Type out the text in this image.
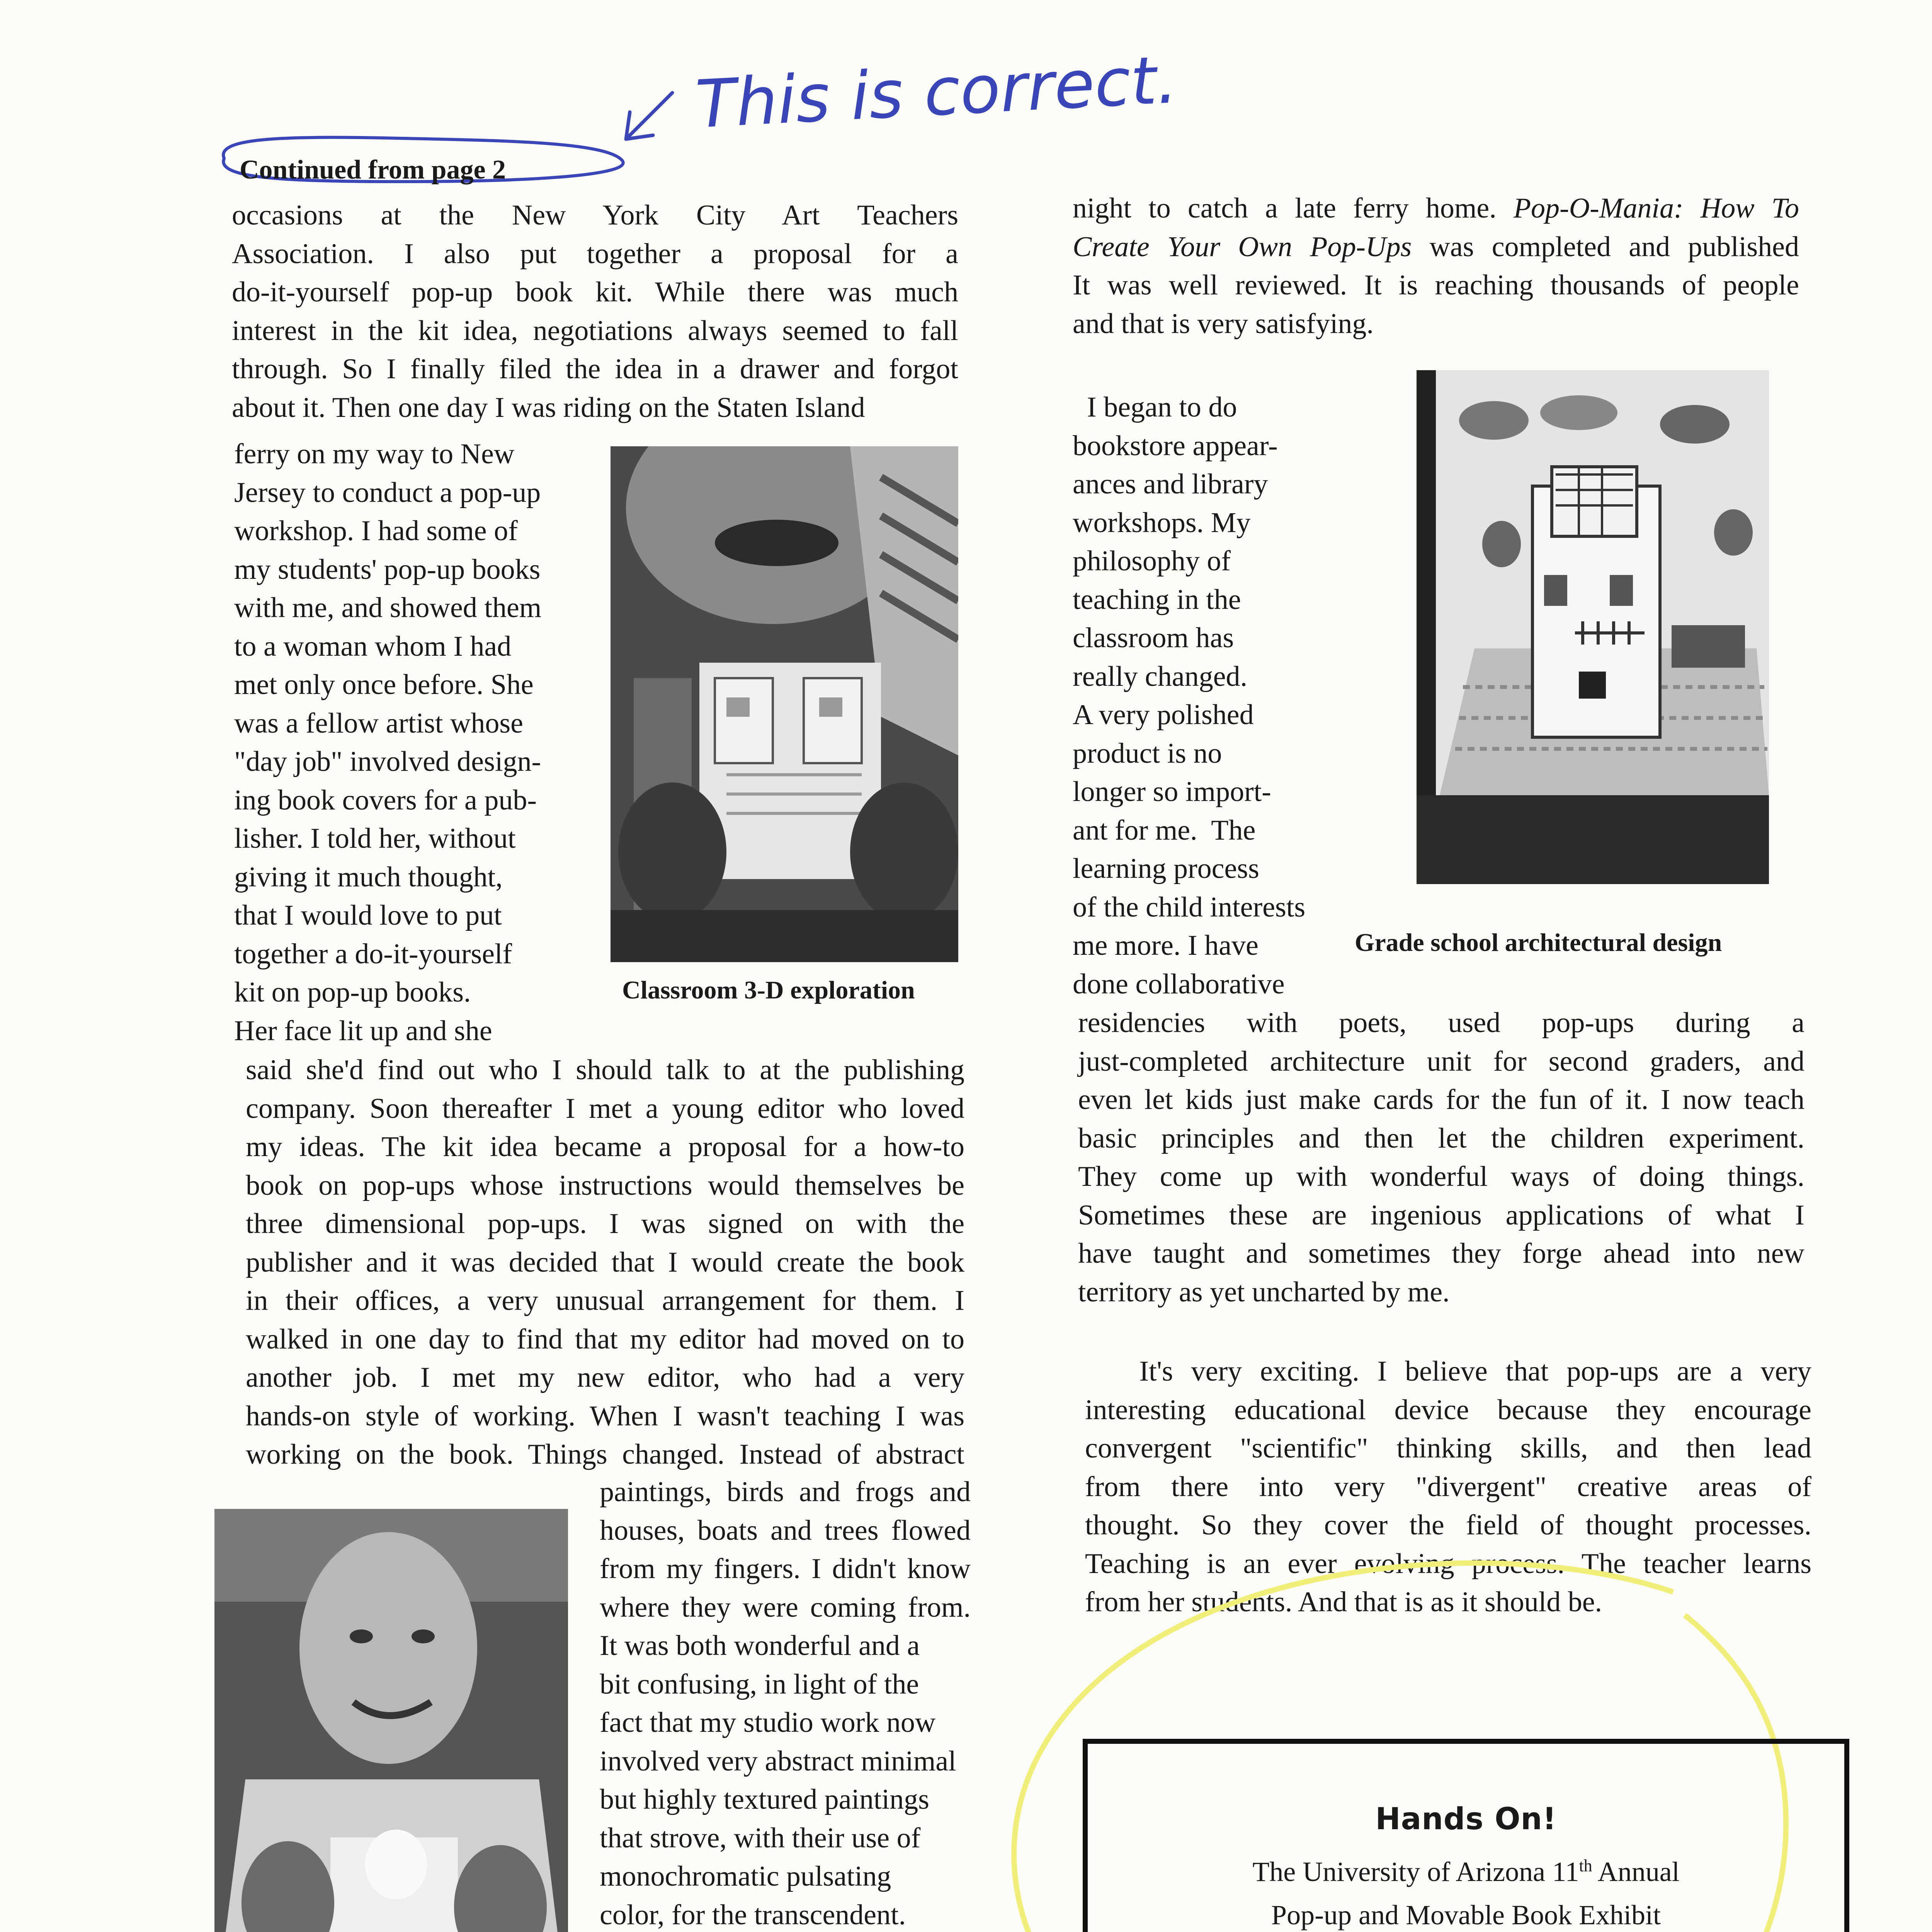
Continued from page 2
This is correct.
occasions at the New York City Art Teachers
Association. I also put together a proposal for a
do-it-yourself pop-up book kit. While there was much
interest in the kit idea, negotiations always seemed to fall
through. So I finally filed the idea in a drawer and forgot
about it. Then one day I was riding on the Staten Island
ferry on my way to New
Jersey to conduct a pop-up
workshop. I had some of
my students' pop-up books
with me, and showed them
to a woman whom I had
met only once before. She
was a fellow artist whose
"day job" involved design-
ing book covers for a pub-
lisher. I told her, without
giving it much thought,
that I would love to put
together a do-it-yourself
kit on pop-up books.
Her face lit up and she
Classroom 3-D exploration
said she'd find out who I should talk to at the publishing
company. Soon thereafter I met a young editor who loved
my ideas. The kit idea became a proposal for a how-to
book on pop-ups whose instructions would themselves be
three dimensional pop-ups. I was signed on with the
publisher and it was decided that I would create the book
in their offices, a very unusual arrangement for them. I
walked in one day to find that my editor had moved on to
another job. I met my new editor, who had a very
hands-on style of working. When I wasn't teaching I was
working on the book. Things changed. Instead of abstract
paintings, birds and frogs and
houses, boats and trees flowed
from my fingers. I didn't know
where they were coming from.
It was both wonderful and a
bit confusing, in light of the
fact that my studio work now
involved very abstract minimal
but highly textured paintings
that strove, with their use of
monochromatic pulsating
color, for the transcendent.
night to catch a late ferry home. Pop-O-Mania: How To
Create Your Own Pop-Ups was completed and published
It was well reviewed. It is reaching thousands of people
and that is very satisfying.
I began to do
bookstore appear-
ances and library
workshops. My
philosophy of
teaching in the
classroom has
really changed.
A very polished
product is no
longer so import-
ant for me.  The
learning process
of the child interests
me more. I have
done collaborative
Grade school architectural design
residencies with poets, used pop-ups during a
just-completed architecture unit for second graders, and
even let kids just make cards for the fun of it. I now teach
basic principles and then let the children experiment.
They come up with wonderful ways of doing things.
Sometimes these are ingenious applications of what I
have taught and sometimes they forge ahead into new
territory as yet uncharted by me.
It's very exciting. I believe that pop-ups are a very
interesting educational device because they encourage
convergent "scientific" thinking skills, and then lead
from there into very "divergent" creative areas of
thought. So they cover the field of thought processes.
Teaching is an ever evolving process. The teacher learns
from her students. And that is as it should be.
Hands On!
The University of Arizona 11th Annual
Pop-up and Movable Book Exhibit
